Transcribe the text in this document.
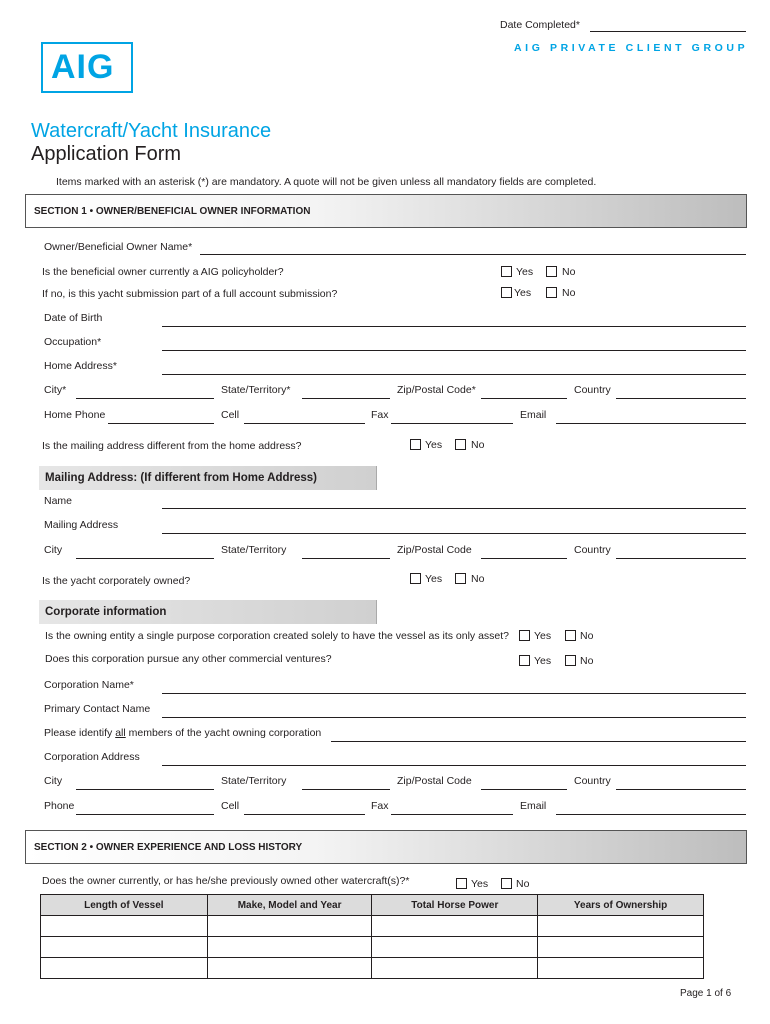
Date Completed*
AIG	AIG PRIVATE CLIENT GROUP
Watercraft/Yacht Insurance
Application Form
Items marked with an asterisk (*) are mandatory. A quote will not be given unless all mandatory fields are completed.
SECTION 1 • OWNER/BENEFICIAL OWNER INFORMATION
Owner/Beneficial Owner Name*
Is the beneficial owner currently a AIG policyholder?	Yes	No
If no, is this yacht submission part of a full account submission?	Yes	No
Date of Birth
Occupation*
Home Address*
City*	State/Territory*	Zip/Postal Code*	Country
Home Phone	Cell	Fax	Email
Is the mailing address different from the home address?	Yes	No
Mailing Address: (If different from Home Address)
Name
Mailing Address
City	State/Territory	Zip/Postal Code	Country
Is the yacht corporately owned?	Yes	No
Corporate information
Is the owning entity a single purpose corporation created solely to have the vessel as its only asset? Yes	No
Does this corporation pursue any other commercial ventures?	Yes	No
Corporation Name*
Primary Contact Name
Please identify all members of the yacht owning corporation
Corporation Address
City	State/Territory	Zip/Postal Code	Country
Phone	Cell	Fax	Email
SECTION 2 • OWNER EXPERIENCE AND LOSS HISTORY
Does the owner currently, or has he/she previously owned other watercraft(s)?*	Yes	No
Length of Vessel	Make, Model and Year	Total Horse Power	Years of Ownership

Page 1 of 6
